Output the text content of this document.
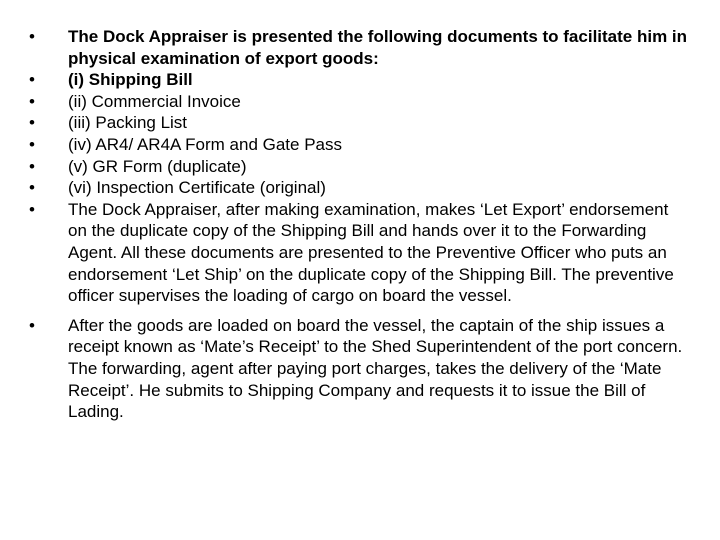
•	The Dock Appraiser is presented the following documents to facilitate him in physical examination of export goods:
•	(i) Shipping Bill
•	(ii) Commercial Invoice
•	(iii) Packing List
•	(iv) AR4/ AR4A Form and Gate Pass
•	(v) GR Form (duplicate)
•	(vi) Inspection Certificate (original)
•	The Dock Appraiser, after making examination, makes ‘Let Export’ endorsement on the duplicate copy of the Shipping Bill and hands over it to the Forwarding Agent. All these documents are presented to the Preventive Officer who puts an endorsement ‘Let Ship’ on the duplicate copy of the Shipping Bill. The preventive officer supervises the loading of cargo on board the vessel.
•	After the goods are loaded on board the vessel, the captain of the ship issues a receipt known as ‘Mate’s Receipt’ to the Shed Superintendent of the port concern. The forwarding, agent after paying port charges, takes the delivery of the ‘Mate Receipt’. He submits to Shipping Company and requests it to issue the Bill of Lading.
